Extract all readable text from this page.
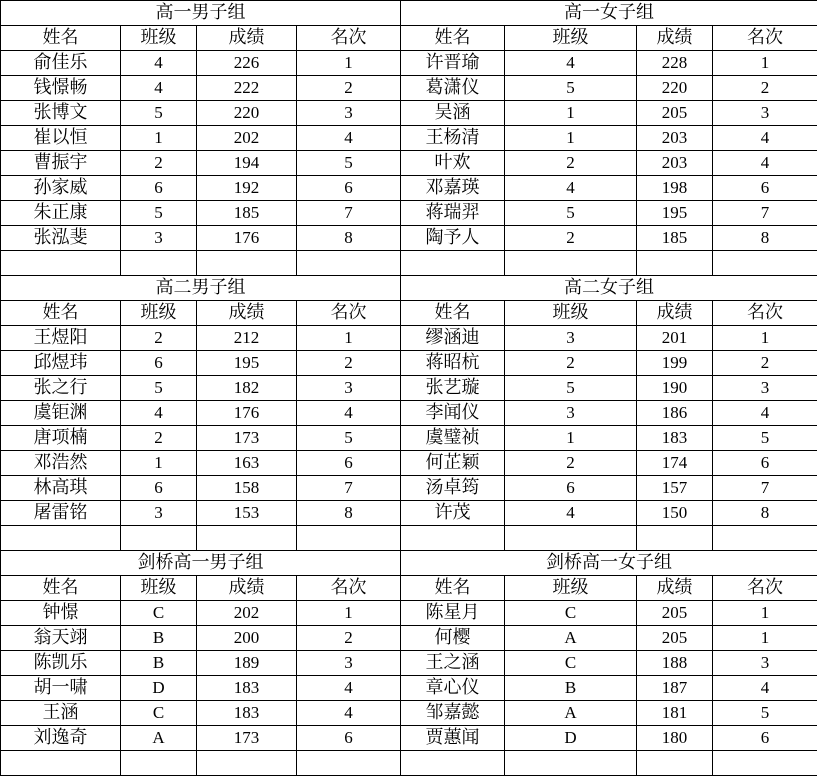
高一男子组				高一女子组			
姓名	班级	成绩	名次	姓名	班级	成绩	名次
俞佳乐	4	226	1	许晋瑜	4	228	1
钱憬畅	4	222	2	葛潇仪	5	220	2
张博文	5	220	3	吴涵	1	205	3
崔以恒	1	202	4	王杨清	1	203	4
曹振宇	2	194	5	叶欢	2	203	4
孙家威	6	192	6	邓嘉瑛	4	198	6
朱正康	5	185	7	蒋瑞羿	5	195	7
张泓斐	3	176	8	陶予人	2	185	8

高二男子组				高二女子组			
姓名	班级	成绩	名次	姓名	班级	成绩	名次
王煜阳	2	212	1	缪涵迪	3	201	1
邱煜玮	6	195	2	蒋昭杭	2	199	2
张之行	5	182	3	张艺璇	5	190	3
虞钜渊	4	176	4	李闻仪	3	186	4
唐项楠	2	173	5	虞璧祯	1	183	5
邓浩然	1	163	6	何芷颖	2	174	6
林高琪	6	158	7	汤卓筠	6	157	7
屠雷铭	3	153	8	许茂	4	150	8

剑桥高一男子组				剑桥高一女子组			
姓名	班级	成绩	名次	姓名	班级	成绩	名次
钟憬	C	202	1	陈星月	C	205	1
翁天翊	B	200	2	何樱	A	205	1
陈凯乐	B	189	3	王之涵	C	188	3
胡一啸	D	183	4	章心仪	B	187	4
王涵	C	183	4	邹嘉懿	A	181	5
刘逸奇	A	173	6	贾蕙闻	D	180	6
